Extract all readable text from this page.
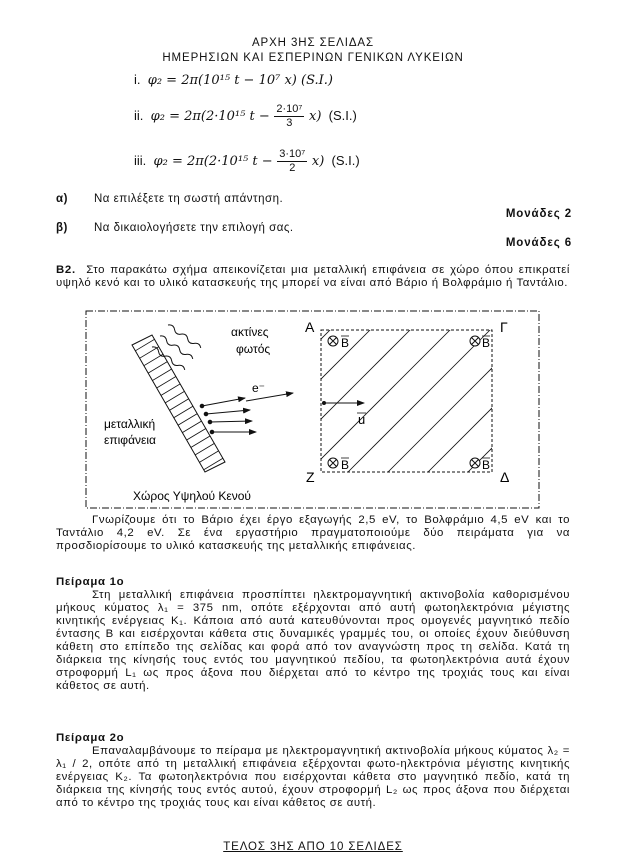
ΑΡΧΗ 3ΗΣ ΣΕΛΙΔΑΣ
ΗΜΕΡΗΣΙΩΝ ΚΑΙ ΕΣΠΕΡΙΝΩΝ ΓΕΝΙΚΩΝ ΛΥΚΕΙΩΝ
i. φ₂ = 2π(10¹⁵ t − 10⁷ x) (S.I.)
ii. φ₂ = 2π(2·10¹⁵ $t - \frac{\text{2·10⁷}}{3} x$) (S.I.)
iii. φ₂ = 2π(2·10¹⁵ $t - \frac{\text{3·10⁷}}{2} x$) (S.I.)
α) Να επιλέξετε τη σωστή απάντηση.
Μονάδες 2
β) Να δικαιολογήσετε την επιλογή σας.
Μονάδες 6

Β2. Στο παρακάτω σχήμα απεικονίζεται μια μεταλλική επιφάνεια σε χώρο όπου επικρατεί υψηλό κενό και το υλικό κατασκευής της μπορεί να είναι από Βάριο ή Βολφράμιο ή Ταντάλιο.

ακτίνες
φωτός
e⁻
μεταλλική
επιφάνεια
Χώρος Υψηλού Κενού
Α	Γ
Ζ	Δ
B	B
B	B
u

Γνωρίζουμε ότι το Βάριο έχει έργο εξαγωγής 2,5 eV, το Βολφράμιο 4,5 eV και το Ταντάλιο 4,2 eV. Σε ένα εργαστήριο πραγματοποιούμε δύο πειράματα για να προσδιορίσουμε το υλικό κατασκευής της μεταλλικής επιφάνειας.

Πείραμα 1ο

Στη μεταλλική επιφάνεια προσπίπτει ηλεκτρομαγνητική ακτινοβολία καθορισμένου μήκους κύματος λ₁ = 375 nm, οπότε εξέρχονται από αυτή φωτοηλεκτρόνια μέγιστης κινητικής ενέργειας Κ₁. Κάποια από αυτά κατευθύνονται προς ομογενές μαγνητικό πεδίο έντασης Β και εισέρχονται κάθετα στις δυναμικές γραμμές του, οι οποίες έχουν διεύθυνση κάθετη στο επίπεδο της σελίδας και φορά από τον αναγνώστη προς τη σελίδα. Κατά τη διάρκεια της κίνησής τους εντός του μαγνητικού πεδίου, τα φωτοηλεκτρόνια αυτά έχουν στροφορμή L₁ ως προς άξονα που διέρχεται από το κέντρο της τροχιάς τους και είναι κάθετος σε αυτή.

Πείραμα 2ο

Επαναλαμβάνουμε το πείραμα με ηλεκτρομαγνητική ακτινοβολία μήκους κύματος λ₂ = λ₁ / 2, οπότε από τη μεταλλική επιφάνεια εξέρχονται φωτο-ηλεκτρόνια μέγιστης κινητικής ενέργειας Κ₂. Τα φωτοηλεκτρόνια που εισέρχονται κάθετα στο μαγνητικό πεδίο, κατά τη διάρκεια της κίνησής τους εντός αυτού, έχουν στροφορμή L₂ ως προς άξονα που διέρχεται από το κέντρο της τροχιάς τους και είναι κάθετος σε αυτή.

ΤΕΛΟΣ 3ΗΣ ΑΠΟ 10 ΣΕΛΙΔΕΣ
